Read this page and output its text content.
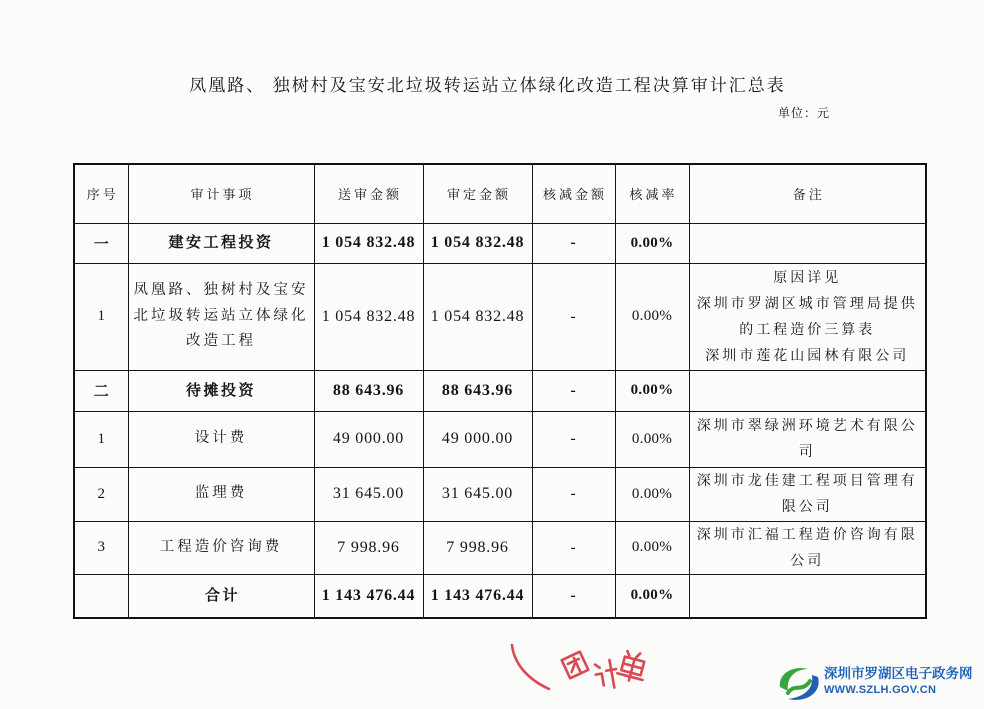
凤凰路、 独树村及宝安北垃圾转运站立体绿化改造工程决算审计汇总表
单位：元
序号	审计事项	送审金额	审定金额	核减金额	核减率	备注
一	建安工程投资	1 054 832.48	1 054 832.48	-	0.00%	
1	凤凰路、独树村及宝安
北垃圾转运站立体绿化
改造工程	1 054 832.48	1 054 832.48	-	0.00%	原因详见
深圳市罗湖区城市管理局提供
的工程造价三算表
深圳市莲花山园林有限公司
二	待摊投资	88 643.96	88 643.96	-	0.00%	
1	设计费	49 000.00	49 000.00	-	0.00%	深圳市翠绿洲环境艺术有限公
司
2	监理费	31 645.00	31 645.00	-	0.00%	深圳市龙佳建工程项目管理有
限公司
3	工程造价咨询费	7 998.96	7 998.96	-	0.00%	深圳市汇福工程造价咨询有限
公司
	合计	1 143 476.44	1 143 476.44	-	0.00%	
深圳市罗湖区电子政务网
WWW.SZLH.GOV.CN
